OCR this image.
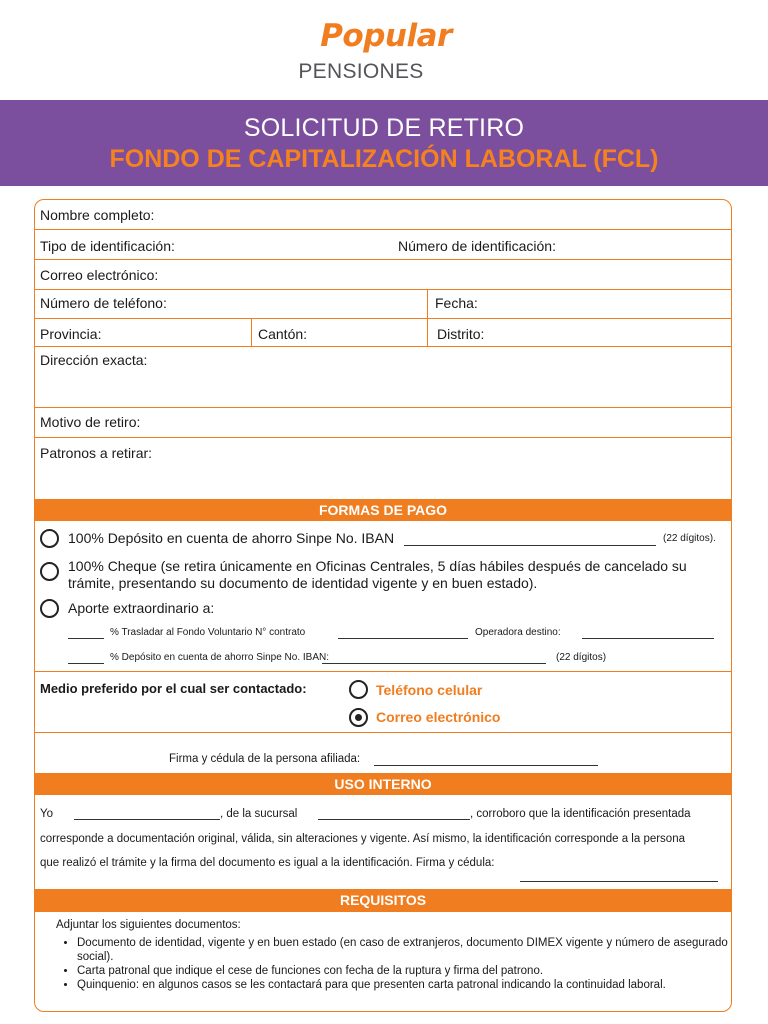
Popular
PENSIONES
SOLICITUD DE RETIRO
FONDO DE CAPITALIZACIÓN LABORAL (FCL)
Nombre completo:
Tipo de identificación:	Número de identificación:
Correo electrónico:
Número de teléfono:	Fecha:
Provincia:	Cantón:	Distrito:
Dirección exacta:
Motivo de retiro:
Patronos a retirar:
FORMAS DE PAGO
100% Depósito en cuenta de ahorro Sinpe No. IBAN	(22 dígitos).
100% Cheque (se retira únicamente en Oficinas Centrales, 5 días hábiles después de cancelado su
trámite, presentando su documento de identidad vigente y en buen estado).
Aporte extraordinario a:
% Trasladar al Fondo Voluntario N° contrato	Operadora destino:
% Depósito en cuenta de ahorro Sinpe No. IBAN:	(22 dígitos)
Medio preferido por el cual ser contactado:	Teléfono celular
Correo electrónico
Firma y cédula de la persona afiliada:
USO INTERNO
Yo	, de la sucursal	, corroboro que la identificación presentada
corresponde a documentación original, válida, sin alteraciones y vigente. Así mismo, la identificación corresponde a la persona
que realizó el trámite y la firma del documento es igual a la identificación. Firma y cédula:
REQUISITOS
Adjuntar los siguientes documentos:
• Documento de identidad, vigente y en buen estado (en caso de extranjeros, documento DIMEX vigente y número de asegurado social).
• Carta patronal que indique el cese de funciones con fecha de la ruptura y firma del patrono.
• Quinquenio: en algunos casos se les contactará para que presenten carta patronal indicando la continuidad laboral.
